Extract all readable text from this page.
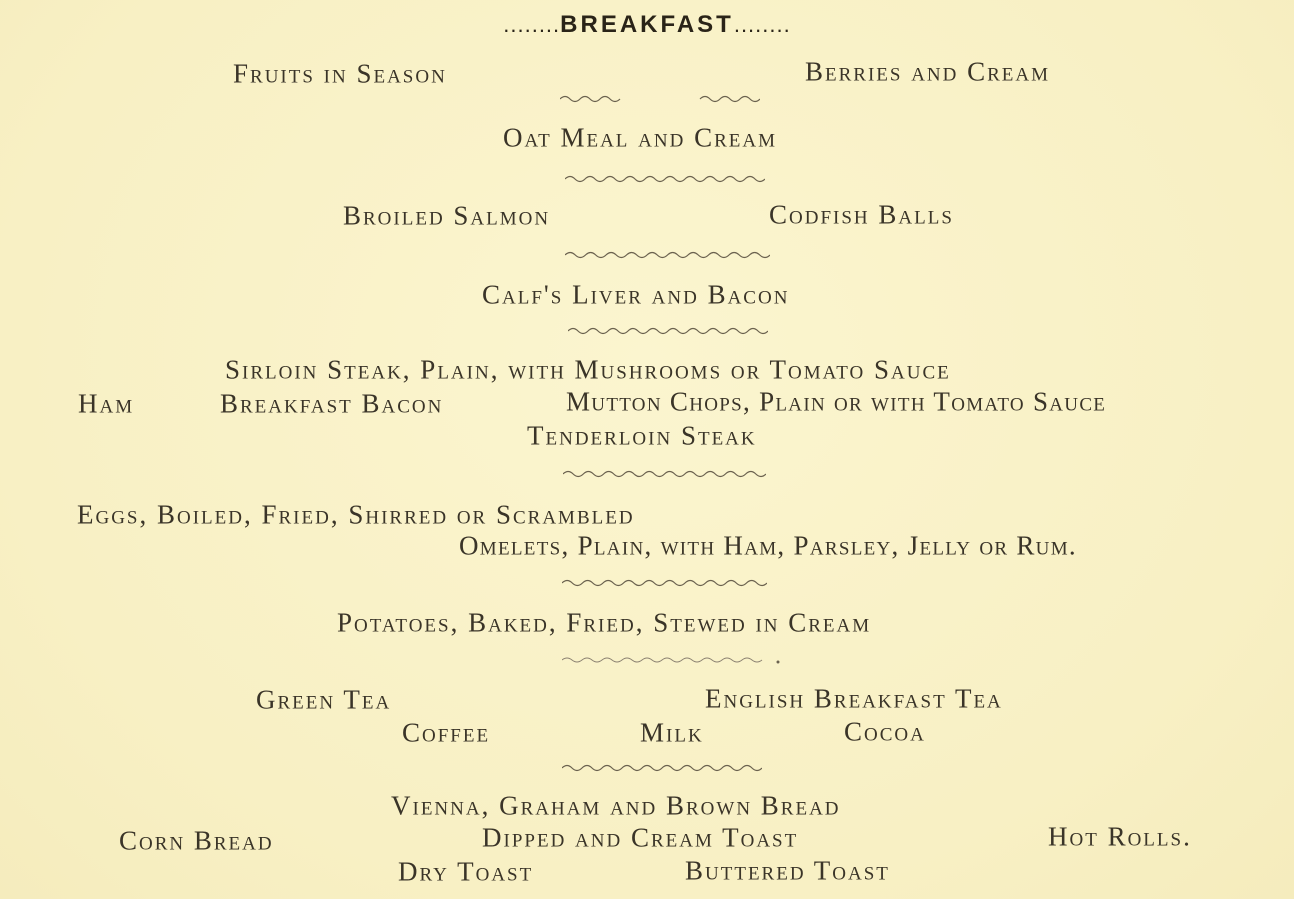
........BREAKFAST........
Fruits in Season	Berries and Cream
Oat Meal and Cream
Broiled Salmon	Codfish Balls
Calf's Liver and Bacon
Sirloin Steak, Plain, with Mushrooms or Tomato Sauce
Ham	Breakfast Bacon	Mutton Chops, Plain or with Tomato Sauce
Tenderloin Steak
Eggs, Boiled, Fried, Shirred or Scrambled
Omelets, Plain, with Ham, Parsley, Jelly or Rum.
Potatoes, Baked, Fried, Stewed in Cream
Green Tea	English Breakfast Tea
Coffee	Milk	Cocoa
Vienna, Graham and Brown Bread
Corn Bread	Dipped and Cream Toast	Hot Rolls.
Dry Toast	Buttered Toast
